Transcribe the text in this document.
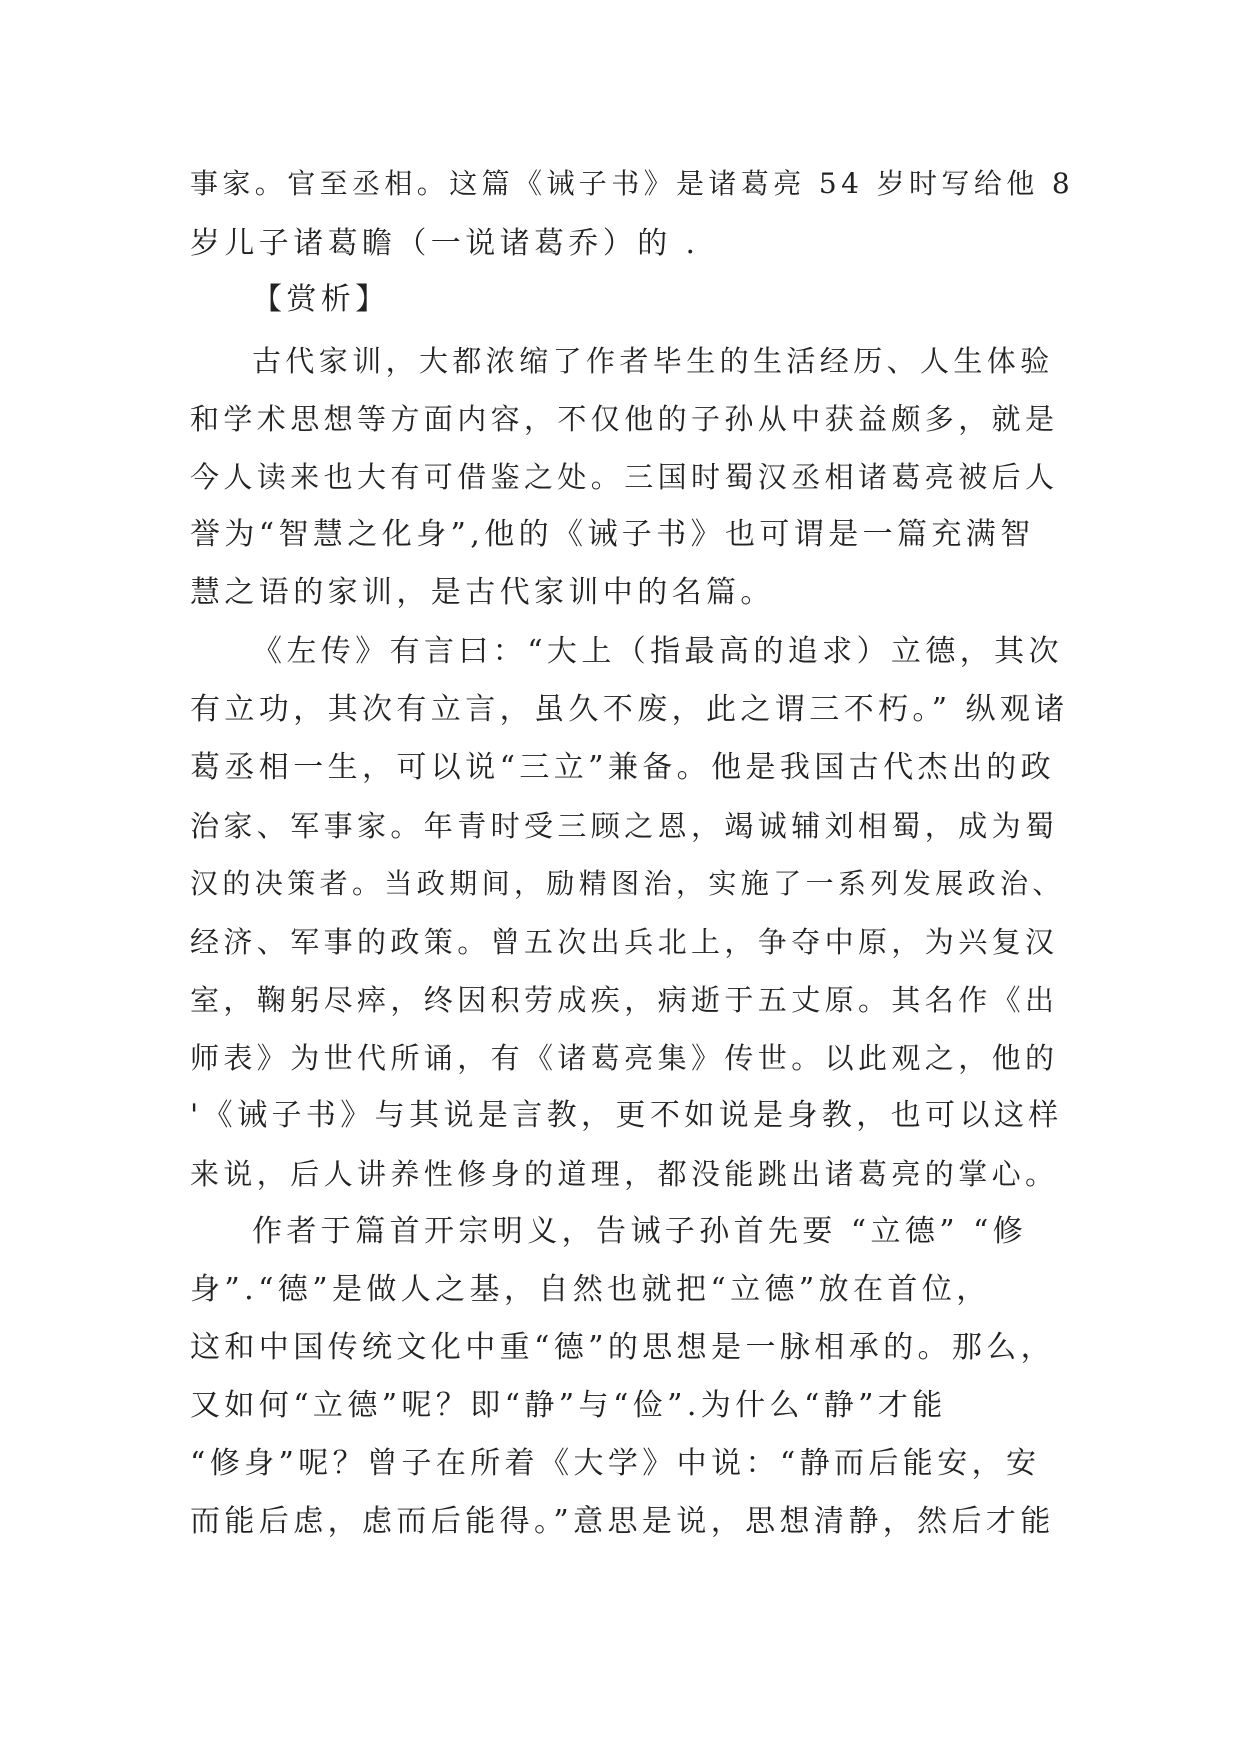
事家。官至丞相。这篇《诫子书》是诸葛亮 54 岁时写给他 8

岁儿子诸葛瞻（一说诸葛乔）的 .

【赏析】

古代家训，大都浓缩了作者毕生的生活经历、人生体验

和学术思想等方面内容，不仅他的子孙从中获益颇多，就是

今人读来也大有可借鉴之处。三国时蜀汉丞相诸葛亮被后人

誉为“智慧之化身”,他的《诫子书》也可谓是一篇充满智

慧之语的家训，是古代家训中的名篇。

《左传》有言曰：“大上（指最高的追求）立德，其次

有立功，其次有立言，虽久不废，此之谓三不朽。” 纵观诸

葛丞相一生，可以说“三立”兼备。他是我国古代杰出的政

治家、军事家。年青时受三顾之恩，竭诚辅刘相蜀，成为蜀

汉的决策者。当政期间，励精图治，实施了一系列发展政治、

经济、军事的政策。曾五次出兵北上，争夺中原，为兴复汉

室，鞠躬尽瘁，终因积劳成疾，病逝于五丈原。其名作《出

师表》为世代所诵，有《诸葛亮集》传世。以此观之，他的

'《诫子书》与其说是言教，更不如说是身教，也可以这样

来说，后人讲养性修身的道理，都没能跳出诸葛亮的掌心。

作者于篇首开宗明义，告诫子孙首先要 “立德” “修

身”.“德”是做人之基，自然也就把“立德”放在首位，

这和中国传统文化中重“德”的思想是一脉相承的。那么，

又如何“立德”呢？即“静”与“俭”.为什么“静”才能

“修身”呢？曾子在所着《大学》中说：“静而后能安，安

而能后虑，虑而后能得。”意思是说，思想清静，然后才能
